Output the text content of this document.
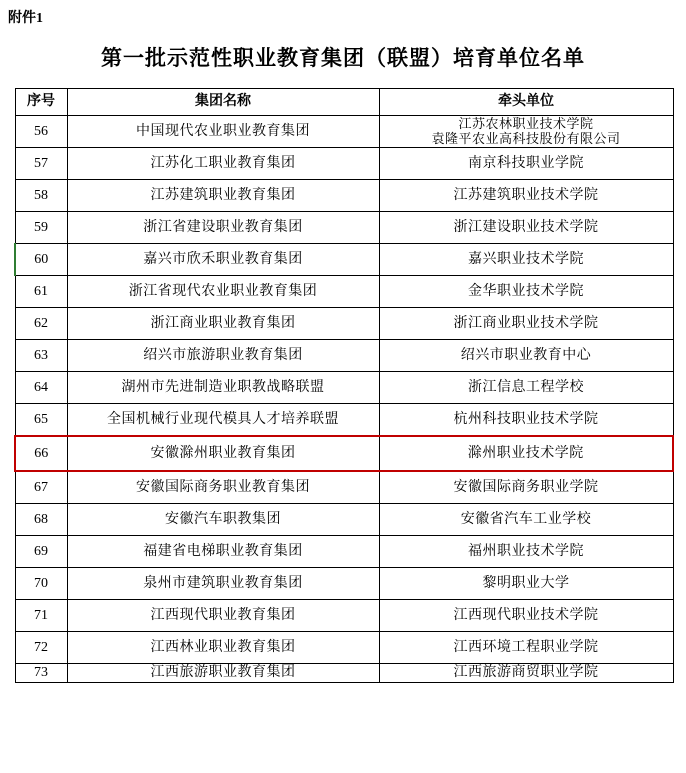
附件1
第一批示范性职业教育集团（联盟）培育单位名单
序号	集团名称	牵头单位
56	中国现代农业职业教育集团	江苏农林职业技术学院
袁隆平农业高科技股份有限公司

57	江苏化工职业教育集团	南京科技职业学院
58	江苏建筑职业教育集团	江苏建筑职业技术学院
59	浙江省建设职业教育集团	浙江建设职业技术学院
60	嘉兴市欣禾职业教育集团	嘉兴职业技术学院
61	浙江省现代农业职业教育集团	金华职业技术学院
62	浙江商业职业教育集团	浙江商业职业技术学院
63	绍兴市旅游职业教育集团	绍兴市职业教育中心
64	湖州市先进制造业职教战略联盟	浙江信息工程学校
65	全国机械行业现代模具人才培养联盟	杭州科技职业技术学院
66	安徽滁州职业教育集团	滁州职业技术学院
67	安徽国际商务职业教育集团	安徽国际商务职业学院
68	安徽汽车职教集团	安徽省汽车工业学校
69	福建省电梯职业教育集团	福州职业技术学院
70	泉州市建筑职业教育集团	黎明职业大学
71	江西现代职业教育集团	江西现代职业技术学院
72	江西林业职业教育集团	江西环境工程职业学院
73	江西旅游职业教育集团	江西旅游商贸职业学院
